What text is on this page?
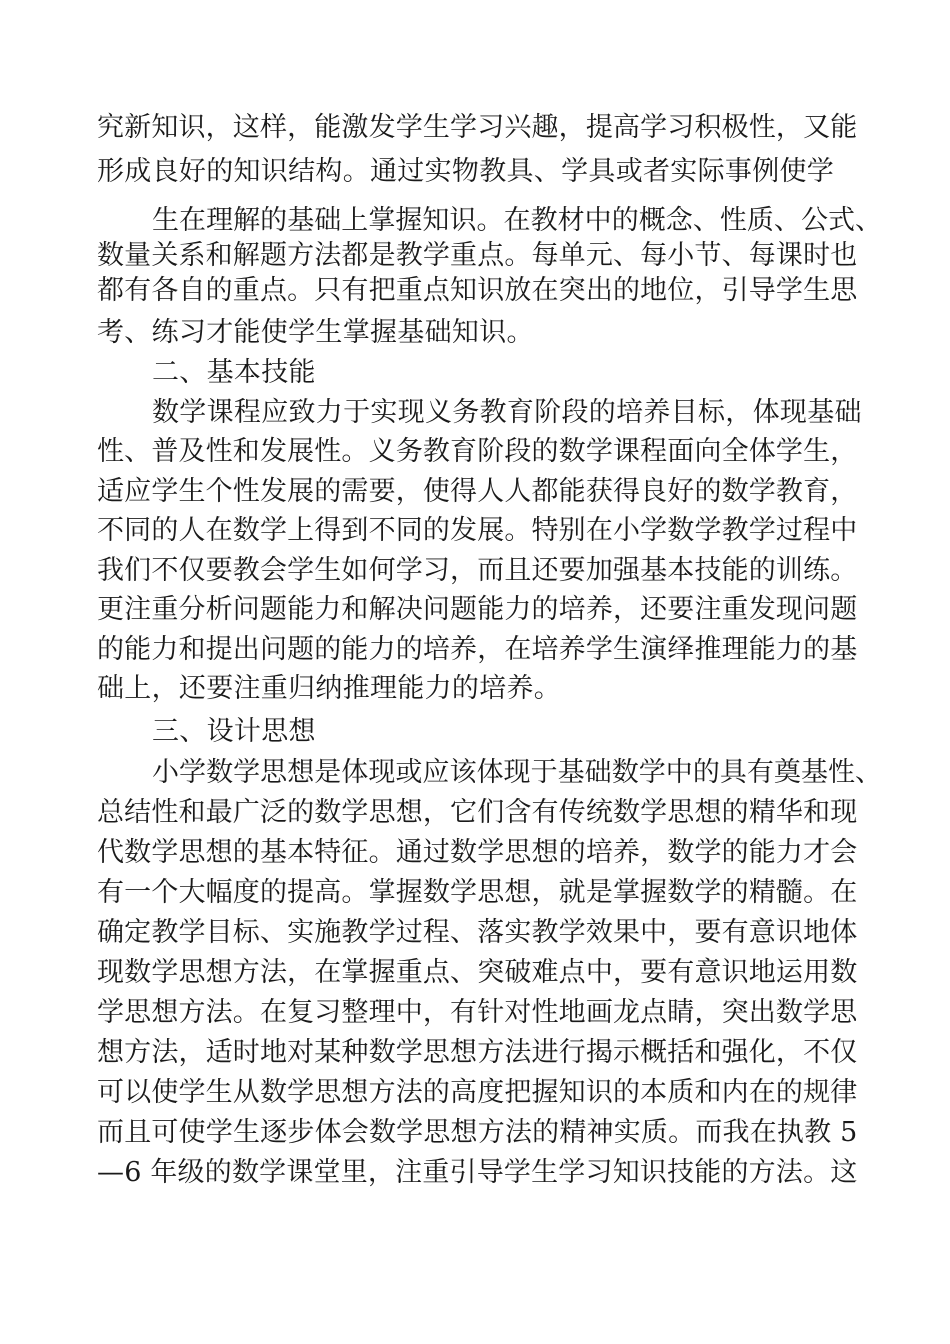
究新知识，这样，能激发学生学习兴趣，提高学习积极性，又能
形成良好的知识结构。通过实物教具、学具或者实际事例使学
生在理解的基础上掌握知识。在教材中的概念、性质、公式、
数量关系和解题方法都是教学重点。每单元、每小节、每课时也
都有各自的重点。只有把重点知识放在突出的地位，引导学生思
考、练习才能使学生掌握基础知识。
二、基本技能
数学课程应致力于实现义务教育阶段的培养目标，体现基础
性、普及性和发展性。义务教育阶段的数学课程面向全体学生，
适应学生个性发展的需要，使得人人都能获得良好的数学教育，
不同的人在数学上得到不同的发展。特别在小学数学教学过程中
我们不仅要教会学生如何学习，而且还要加强基本技能的训练。
更注重分析问题能力和解决问题能力的培养，还要注重发现问题
的能力和提出问题的能力的培养，在培养学生演绎推理能力的基
础上，还要注重归纳推理能力的培养。
三、设计思想
小学数学思想是体现或应该体现于基础数学中的具有奠基性、
总结性和最广泛的数学思想，它们含有传统数学思想的精华和现
代数学思想的基本特征。通过数学思想的培养，数学的能力才会
有一个大幅度的提高。掌握数学思想，就是掌握数学的精髓。在
确定教学目标、实施教学过程、落实教学效果中，要有意识地体
现数学思想方法，在掌握重点、突破难点中，要有意识地运用数
学思想方法。在复习整理中，有针对性地画龙点睛，突出数学思
想方法，适时地对某种数学思想方法进行揭示概括和强化，不仅
可以使学生从数学思想方法的高度把握知识的本质和内在的规律
而且可使学生逐步体会数学思想方法的精神实质。而我在执教 5
—6 年级的数学课堂里，注重引导学生学习知识技能的方法。这
